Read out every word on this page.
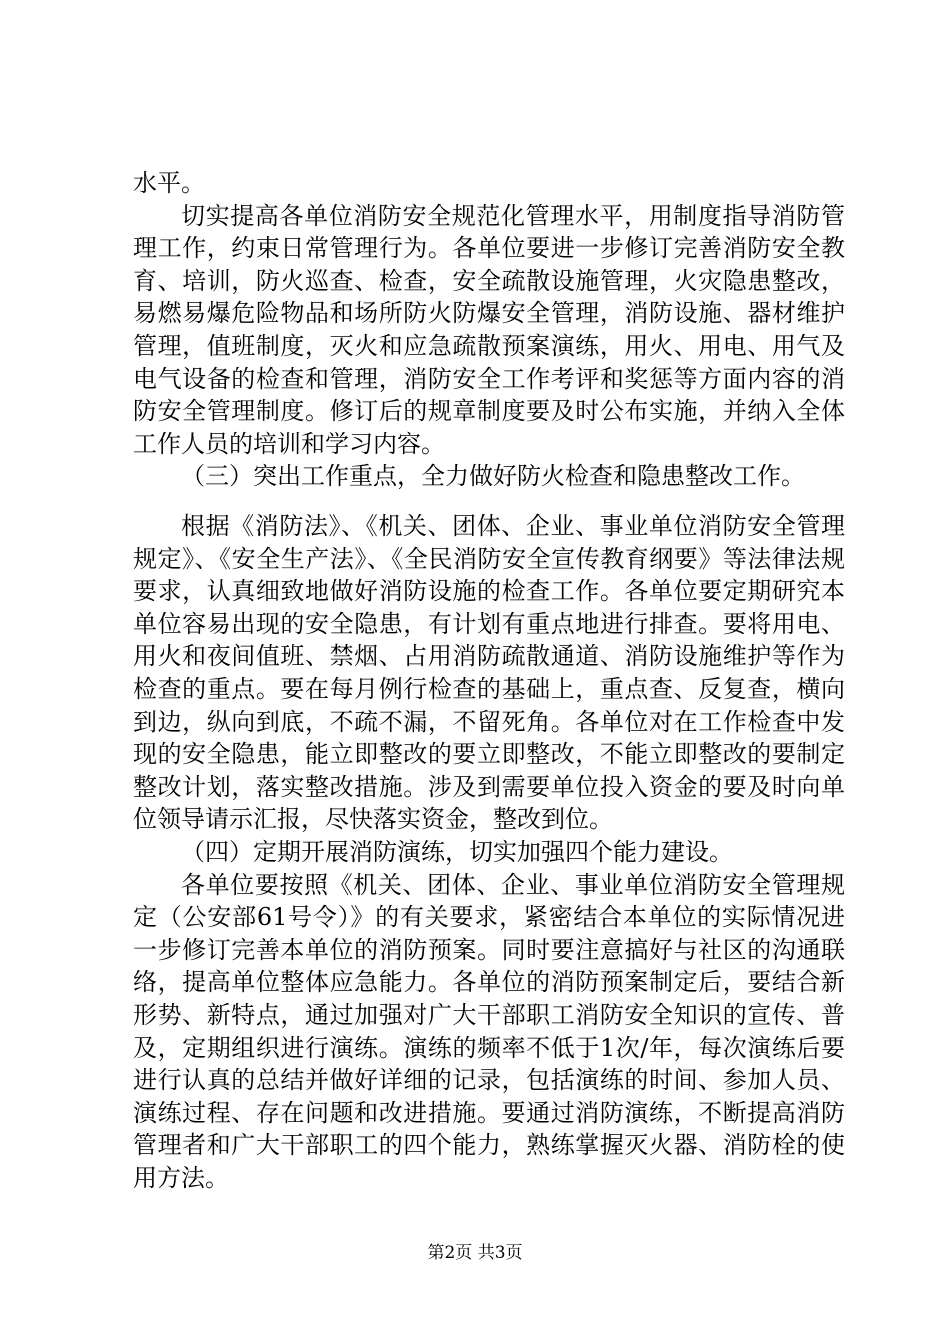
水平。

切实提高各单位消防安全规范化管理水平，用制度指导消防管理工作，约束日常管理行为。各单位要进一步修订完善消防安全教育、培训，防火巡查、检查，安全疏散设施管理，火灾隐患整改，易燃易爆危险物品和场所防火防爆安全管理，消防设施、器材维护管理，值班制度，灭火和应急疏散预案演练，用火、用电、用气及电气设备的检查和管理，消防安全工作考评和奖惩等方面内容的消防安全管理制度。修订后的规章制度要及时公布实施，并纳入全体工作人员的培训和学习内容。

（三）突出工作重点，全力做好防火检查和隐患整改工作。

根据《消防法》、《机关、团体、企业、事业单位消防安全管理规定》、《安全生产法》、《全民消防安全宣传教育纲要》等法律法规要求，认真细致地做好消防设施的检查工作。各单位要定期研究本单位容易出现的安全隐患，有计划有重点地进行排查。要将用电、用火和夜间值班、禁烟、占用消防疏散通道、消防设施维护等作为检查的重点。要在每月例行检查的基础上，重点查、反复查，横向到边，纵向到底，不疏不漏，不留死角。各单位对在工作检查中发现的安全隐患，能立即整改的要立即整改，不能立即整改的要制定整改计划，落实整改措施。涉及到需要单位投入资金的要及时向单位领导请示汇报，尽快落实资金，整改到位。

（四）定期开展消防演练，切实加强四个能力建设。

各单位要按照《机关、团体、企业、事业单位消防安全管理规定（公安部61号令）》的有关要求，紧密结合本单位的实际情况进一步修订完善本单位的消防预案。同时要注意搞好与社区的沟通联络，提高单位整体应急能力。各单位的消防预案制定后，要结合新形势、新特点，通过加强对广大干部职工消防安全知识的宣传、普及，定期组织进行演练。演练的频率不低于1次/年，每次演练后要进行认真的总结并做好详细的记录，包括演练的时间、参加人员、演练过程、存在问题和改进措施。要通过消防演练，不断提高消防管理者和广大干部职工的四个能力，熟练掌握灭火器、消防栓的使用方法。

第2页 共3页
